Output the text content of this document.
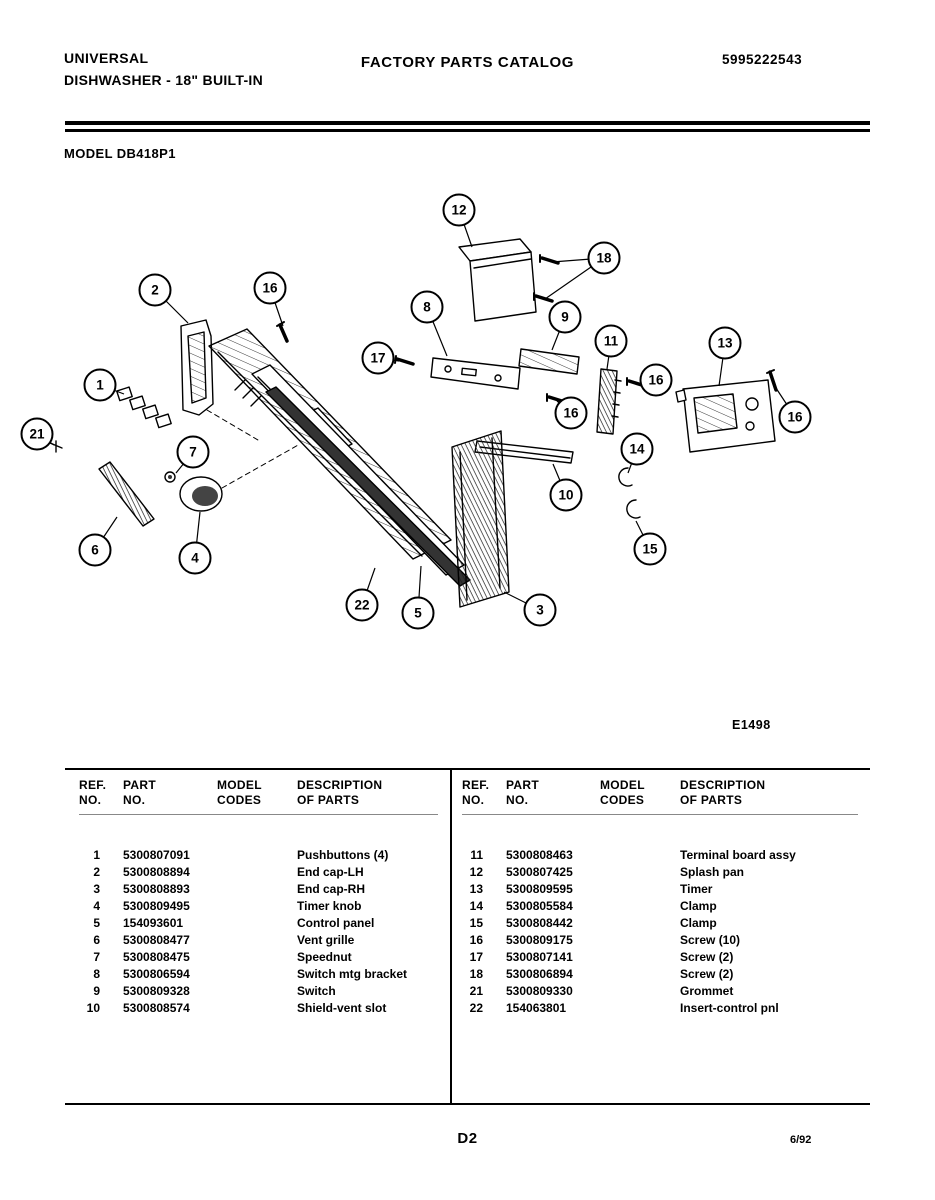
UNIVERSAL
DISHWASHER - 18" BUILT-IN
FACTORY PARTS CATALOG	5995222543
MODEL DB418P1
12
18
2	16
8
9
17
11	13
16
16	16
1
21
7	14
10
6
4
15
22
5	3
E1498
REF.
NO.
PART
NO.
MODEL
CODES
DESCRIPTION
OF PARTS
1	5300807091	Pushbuttons (4)
2	5300808894	End cap-LH
3	5300808893	End cap-RH
4	5300809495	Timer knob
5	154093601	Control panel
6	5300808477	Vent grille
7	5300808475	Speednut
8	5300806594	Switch mtg bracket
9	5300809328	Switch
10	5300808574	Shield-vent slot
REF.
NO.
PART
NO.
MODEL
CODES
DESCRIPTION
OF PARTS
11	5300808463	Terminal board assy
12	5300807425	Splash pan
13	5300809595	Timer
14	5300805584	Clamp
15	5300808442	Clamp
16	5300809175	Screw (10)
17	5300807141	Screw (2)
18	5300806894	Screw (2)
21	5300809330	Grommet
22	154063801	Insert-control pnl
D2	6/92
